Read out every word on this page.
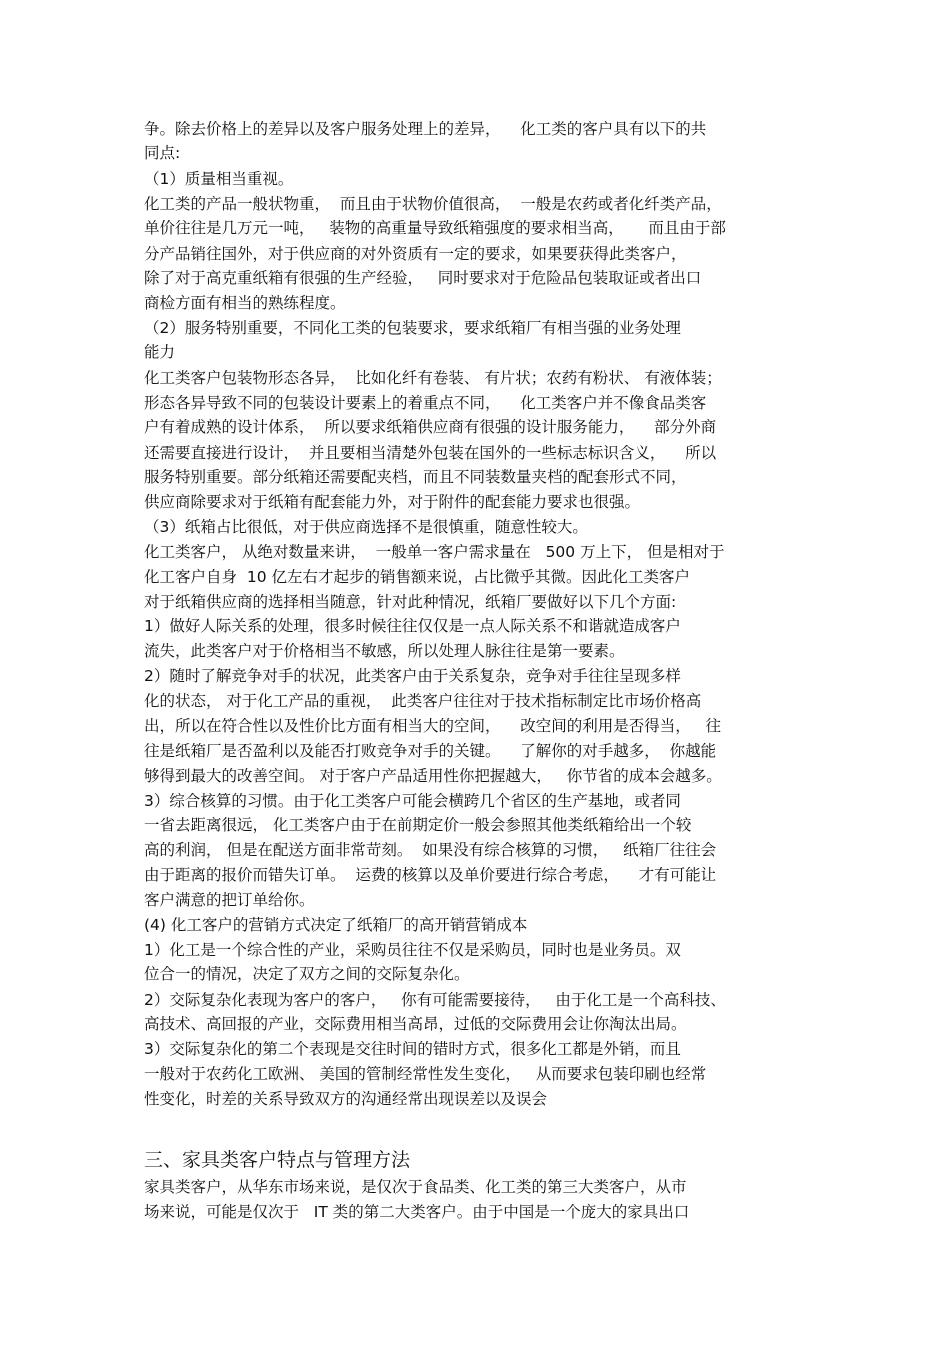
争。除去价格上的差异以及客户服务处理上的差异，    化工类的客户具有以下的共
同点:
（1）质量相当重视。
化工类的产品一般状物重，  而且由于状物价值很高，  一般是农药或者化纤类产品，
单价往往是几万元一吨，   装物的高重量导致纸箱强度的要求相当高，     而且由于部
分产品销往国外，对于供应商的对外资质有一定的要求，如果要获得此类客户，
除了对于高克重纸箱有很强的生产经验，   同时要求对于危险品包装取证或者出口
商检方面有相当的熟练程度。
（2）服务特别重要，不同化工类的包装要求，要求纸箱厂有相当强的业务处理
能力
化工类客户包装物形态各异，  比如化纤有卷装、 有片状；农药有粉状、 有液体装；
形态各异导致不同的包装设计要素上的着重点不同，    化工类客户并不像食品类客
户有着成熟的设计体系，  所以要求纸箱供应商有很强的设计服务能力，    部分外商
还需要直接进行设计，  并且要相当清楚外包装在国外的一些标志标识含义，    所以
服务特别重要。部分纸箱还需要配夹档，而且不同装数量夹档的配套形式不同，
供应商除要求对于纸箱有配套能力外，对于附件的配套能力要求也很强。
（3）纸箱占比很低，对于供应商选择不是很慎重，随意性较大。
化工类客户， 从绝对数量来讲，  一般单一客户需求量在   500 万上下， 但是相对于
化工客户自身  10 亿左右才起步的销售额来说，占比微乎其微。因此化工类客户
对于纸箱供应商的选择相当随意，针对此种情况，纸箱厂要做好以下几个方面:
1）做好人际关系的处理，很多时候往往仅仅是一点人际关系不和谐就造成客户
流失，此类客户对于价格相当不敏感，所以处理人脉往往是第一要素。
2）随时了解竞争对手的状况，此类客户由于关系复杂，竞争对手往往呈现多样
化的状态， 对于化工产品的重视，  此类客户往往对于技术指标制定比市场价格高
出，所以在符合性以及性价比方面有相当大的空间，    改空间的利用是否得当，   往
往是纸箱厂是否盈利以及能否打败竞争对手的关键。    了解你的对手越多，  你越能
够得到最大的改善空间。 对于客户产品适用性你把握越大，   你节省的成本会越多。
3）综合核算的习惯。由于化工类客户可能会横跨几个省区的生产基地，或者同
一省去距离很远， 化工类客户由于在前期定价一般会参照其他类纸箱给出一个较
高的利润， 但是在配送方面非常苛刻。  如果没有综合核算的习惯，   纸箱厂往往会
由于距离的报价而错失订单。  运费的核算以及单价要进行综合考虑，    才有可能让
客户满意的把订单给你。
(4) 化工客户的营销方式决定了纸箱厂的高开销营销成本
1）化工是一个综合性的产业，采购员往往不仅是采购员，同时也是业务员。双
位合一的情况，决定了双方之间的交际复杂化。
2）交际复杂化表现为客户的客户，   你有可能需要接待，   由于化工是一个高科技、
高技术、高回报的产业，交际费用相当高昂，过低的交际费用会让你淘汰出局。
3）交际复杂化的第二个表现是交往时间的错时方式，很多化工都是外销，而且
一般对于农药化工欧洲、 美国的管制经常性发生变化，   从而要求包装印刷也经常
性变化，时差的关系导致双方的沟通经常出现误差以及误会
三、家具类客户特点与管理方法
家具类客户，从华东市场来说，是仅次于食品类、化工类的第三大类客户，从市
场来说，可能是仅次于   IT 类的第二大类客户。由于中国是一个庞大的家具出口
